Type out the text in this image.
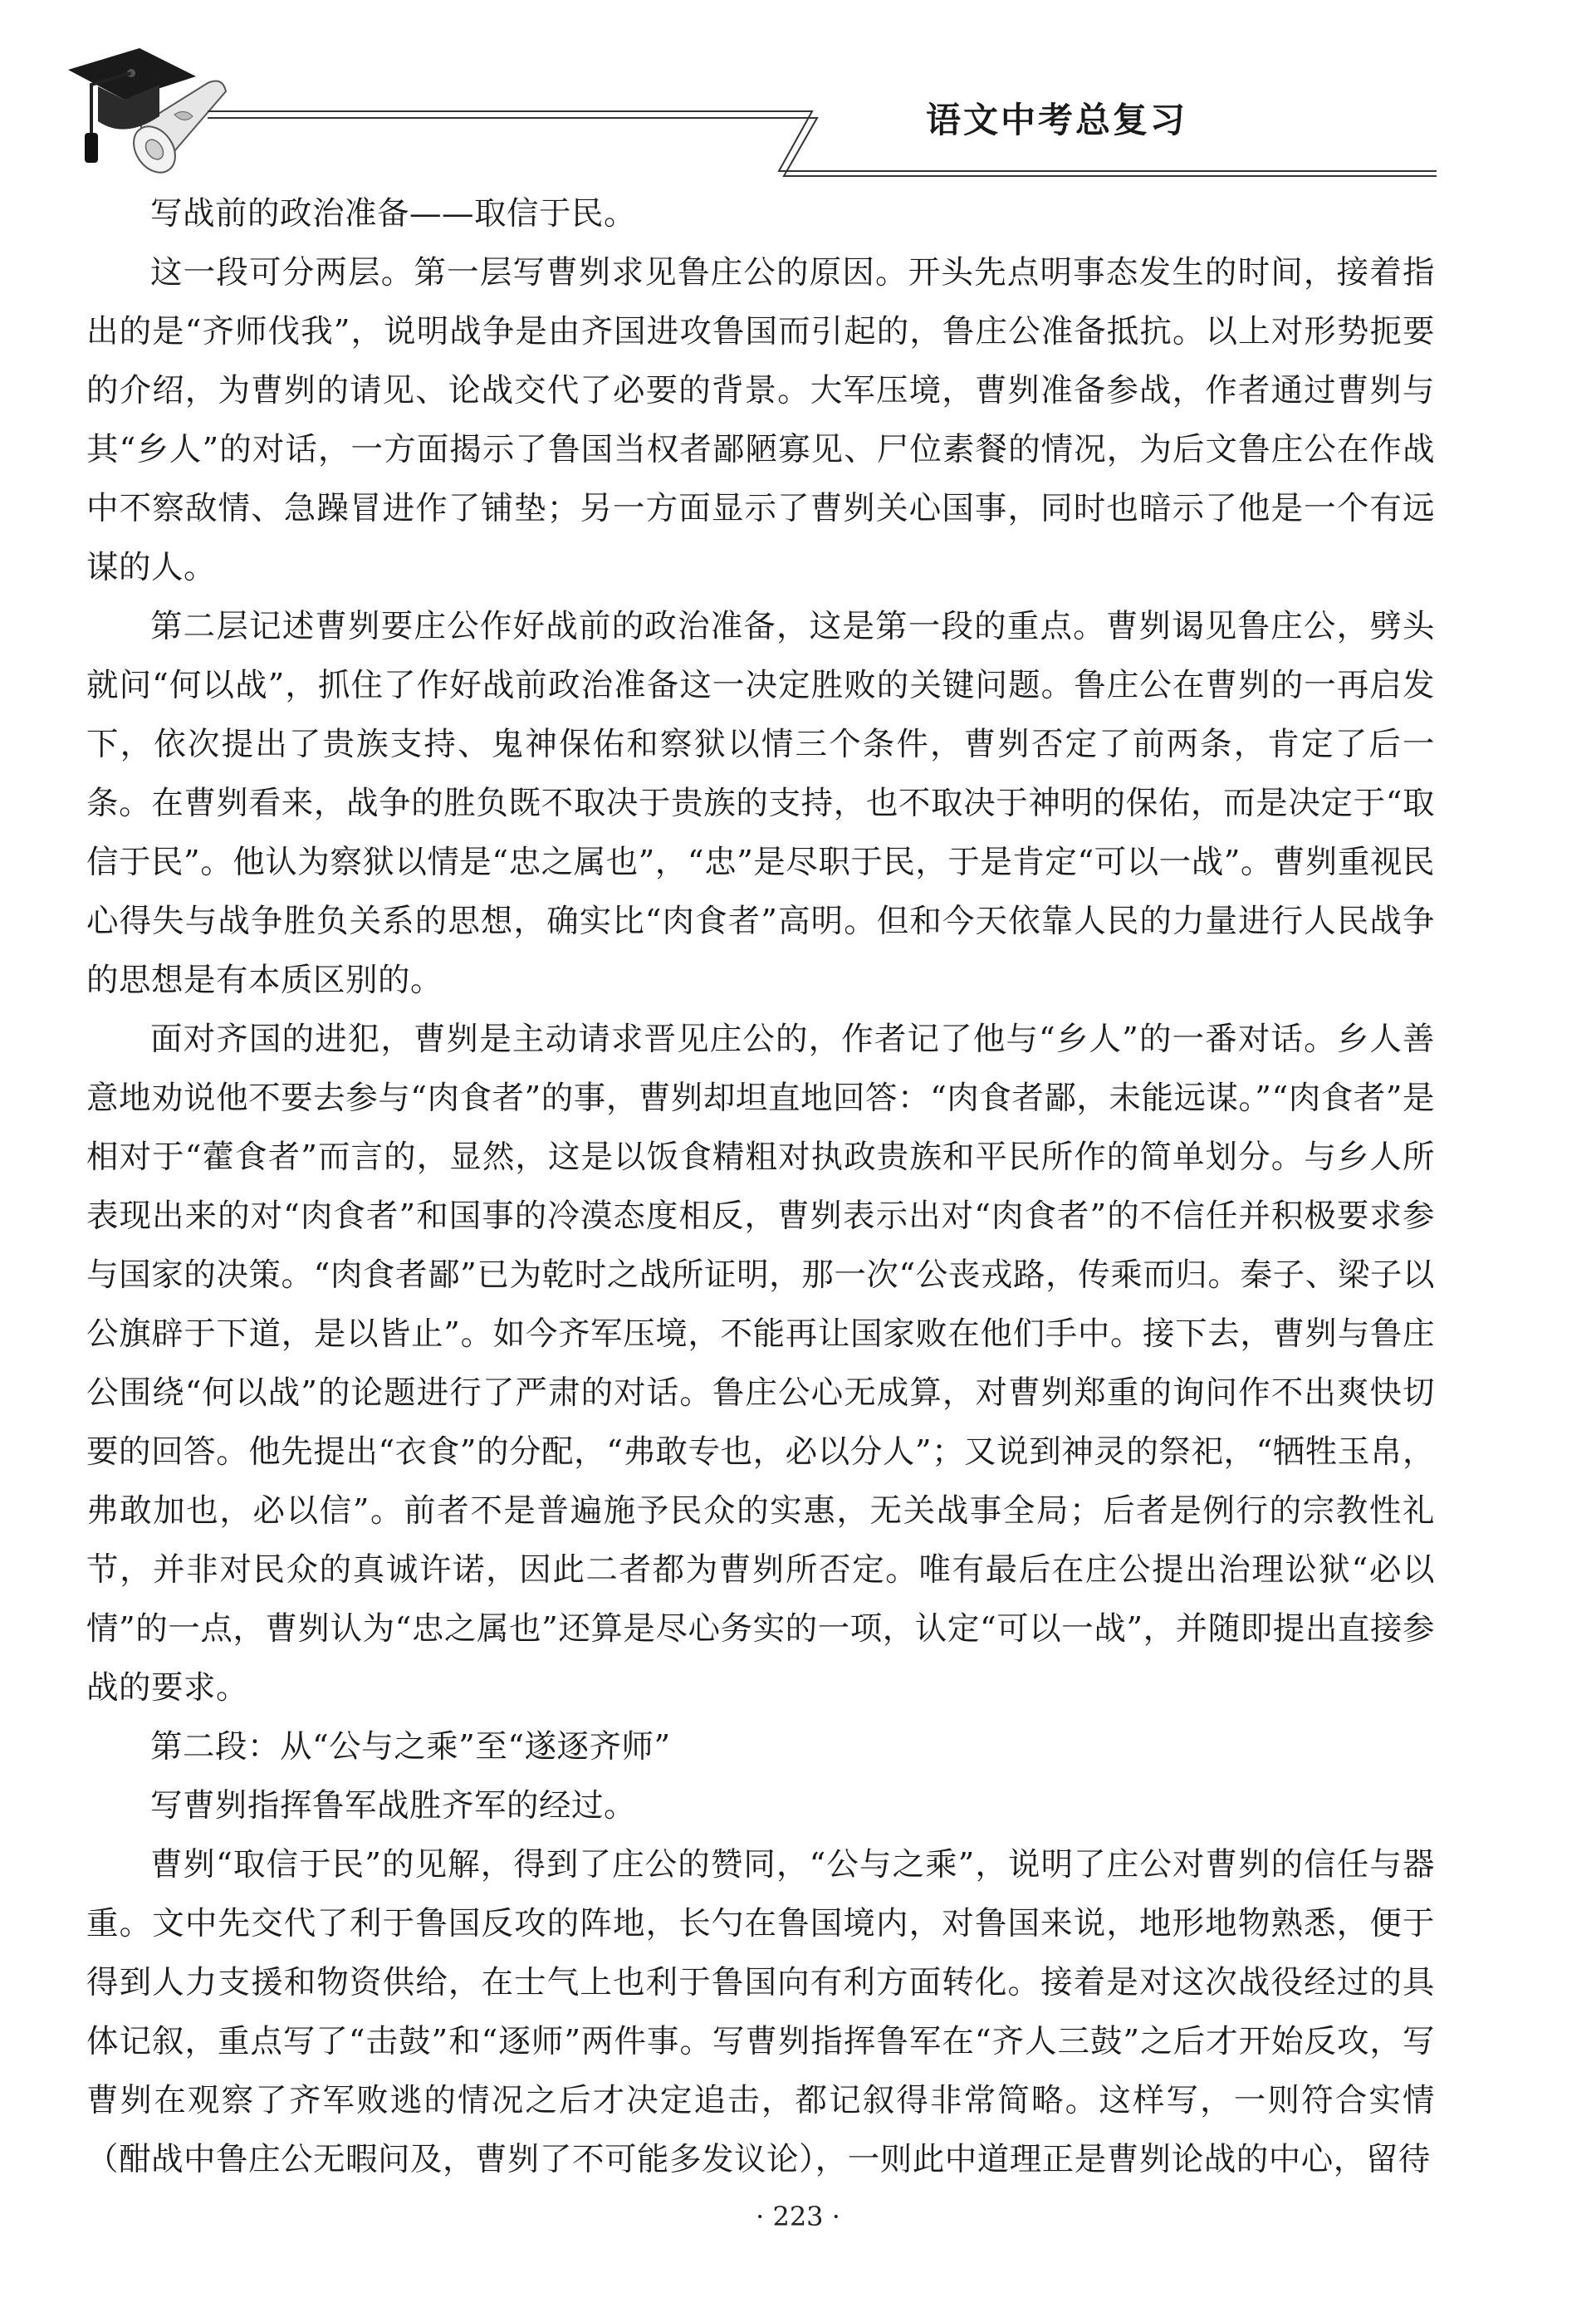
语文中考总复习

写战前的政治准备——取信于民。

这一段可分两层。第一层写曹刿求见鲁庄公的原因。开头先点明事态发生的时间，接着指出的是“齐师伐我”，说明战争是由齐国进攻鲁国而引起的，鲁庄公准备抵抗。以上对形势扼要的介绍，为曹刿的请见、论战交代了必要的背景。大军压境，曹刿准备参战，作者通过曹刿与其“乡人”的对话，一方面揭示了鲁国当权者鄙陋寡见、尸位素餐的情况，为后文鲁庄公在作战中不察敌情、急躁冒进作了铺垫；另一方面显示了曹刿关心国事，同时也暗示了他是一个有远谋的人。

第二层记述曹刿要庄公作好战前的政治准备，这是第一段的重点。曹刿谒见鲁庄公，劈头就问“何以战”，抓住了作好战前政治准备这一决定胜败的关键问题。鲁庄公在曹刿的一再启发下，依次提出了贵族支持、鬼神保佑和察狱以情三个条件，曹刿否定了前两条，肯定了后一条。在曹刿看来，战争的胜负既不取决于贵族的支持，也不取决于神明的保佑，而是决定于“取信于民”。他认为察狱以情是“忠之属也”，“忠”是尽职于民，于是肯定“可以一战”。曹刿重视民心得失与战争胜负关系的思想，确实比“肉食者”高明。但和今天依靠人民的力量进行人民战争的思想是有本质区别的。

面对齐国的进犯，曹刿是主动请求晋见庄公的，作者记了他与“乡人”的一番对话。乡人善意地劝说他不要去参与“肉食者”的事，曹刿却坦直地回答：“肉食者鄙，未能远谋。”“肉食者”是相对于“藿食者”而言的，显然，这是以饭食精粗对执政贵族和平民所作的简单划分。与乡人所表现出来的对“肉食者”和国事的冷漠态度相反，曹刿表示出对“肉食者”的不信任并积极要求参与国家的决策。“肉食者鄙”已为乾时之战所证明，那一次“公丧戎路，传乘而归。秦子、梁子以公旗辟于下道，是以皆止”。如今齐军压境，不能再让国家败在他们手中。接下去，曹刿与鲁庄公围绕“何以战”的论题进行了严肃的对话。鲁庄公心无成算，对曹刿郑重的询问作不出爽快切要的回答。他先提出“衣食”的分配，“弗敢专也，必以分人”；又说到神灵的祭祀，“牺牲玉帛，弗敢加也，必以信”。前者不是普遍施予民众的实惠，无关战事全局；后者是例行的宗教性礼节，并非对民众的真诚许诺，因此二者都为曹刿所否定。唯有最后在庄公提出治理讼狱“必以情”的一点，曹刿认为“忠之属也”还算是尽心务实的一项，认定“可以一战”，并随即提出直接参战的要求。

第二段：从“公与之乘”至“遂逐齐师”

写曹刿指挥鲁军战胜齐军的经过。

曹刿“取信于民”的见解，得到了庄公的赞同，“公与之乘”，说明了庄公对曹刿的信任与器重。文中先交代了利于鲁国反攻的阵地，长勺在鲁国境内，对鲁国来说，地形地物熟悉，便于得到人力支援和物资供给，在士气上也利于鲁国向有利方面转化。接着是对这次战役经过的具体记叙，重点写了“击鼓”和“逐师”两件事。写曹刿指挥鲁军在“齐人三鼓”之后才开始反攻，写曹刿在观察了齐军败逃的情况之后才决定追击，都记叙得非常简略。这样写，一则符合实情（酣战中鲁庄公无暇问及，曹刿了不可能多发议论），一则此中道理正是曹刿论战的中心，留待

· 223 ·
